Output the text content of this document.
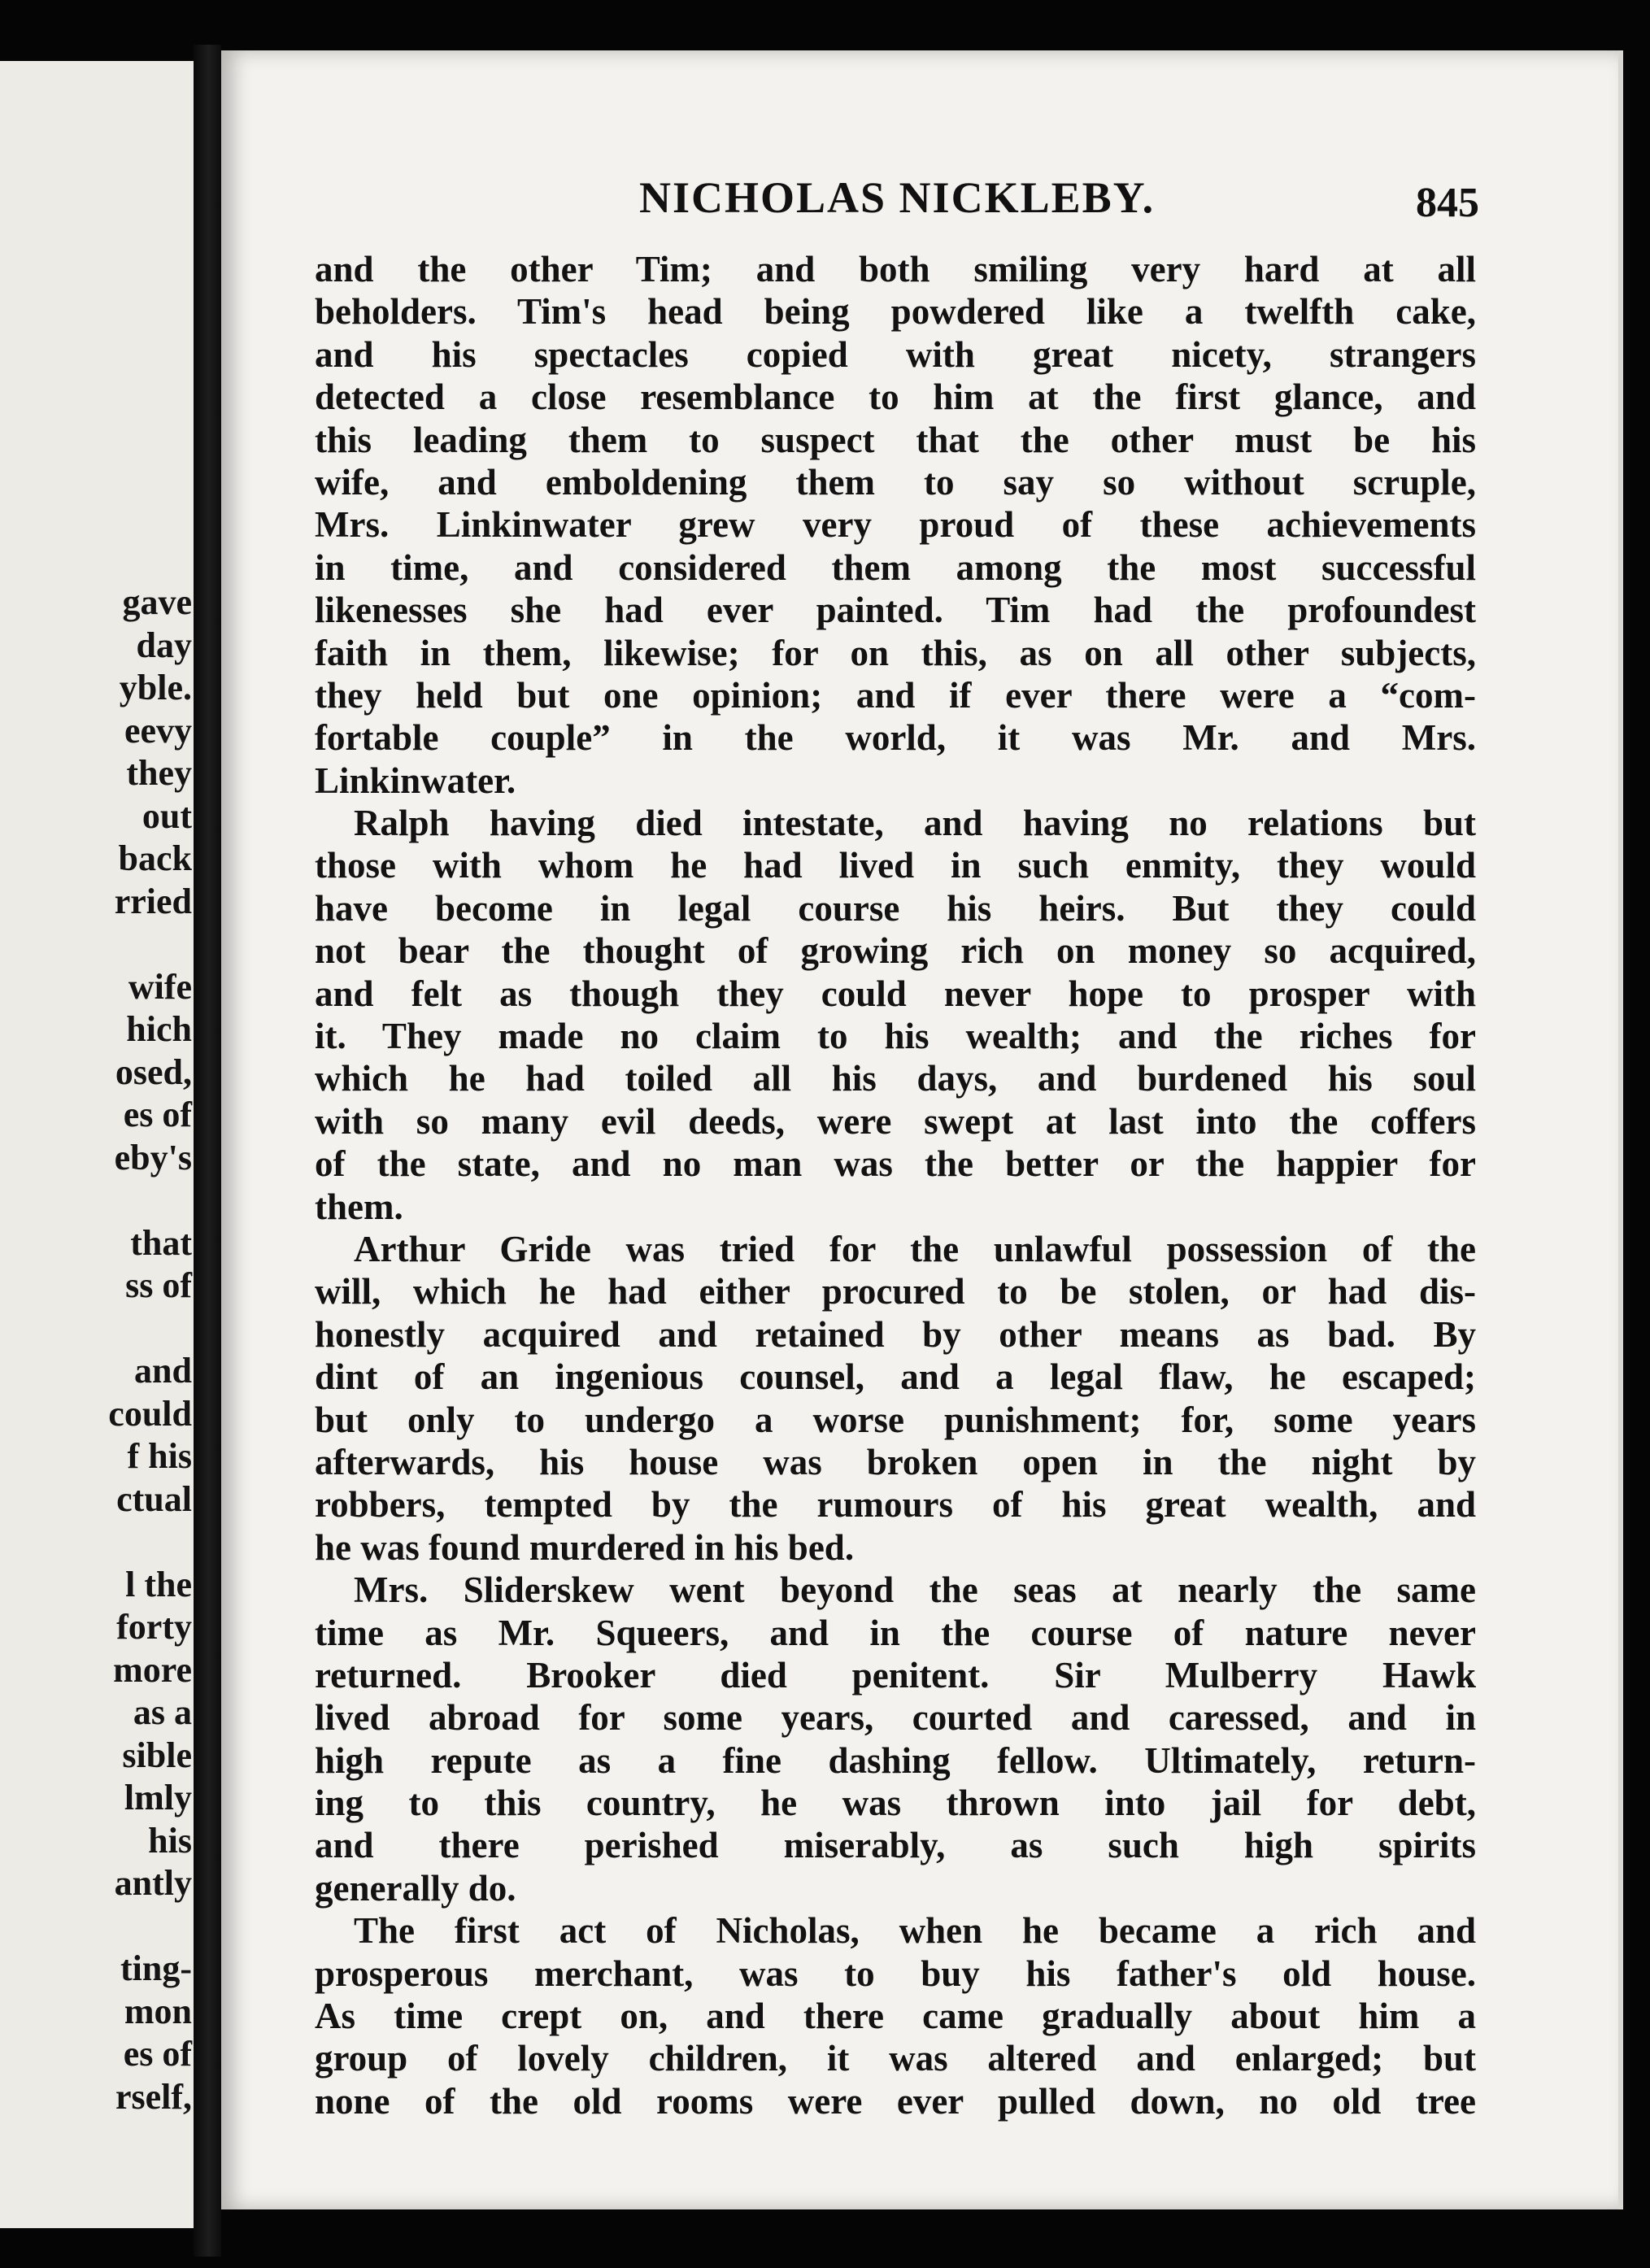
gave
day
yble.
eevy
they
out
back
rried
wife
hich
osed,
es of
eby's
that
ss of
and
could
f his
ctual
l the
forty
more
as a
sible
lmly
his
antly
ting-
mon
es of
rself,
NICHOLAS NICKLEBY.	845
and the other Tim; and both smiling very hard at all
beholders. Tim's head being powdered like a twelfth cake,
and his spectacles copied with great nicety, strangers
detected a close resemblance to him at the first glance, and
this leading them to suspect that the other must be his
wife, and emboldening them to say so without scruple,
Mrs. Linkinwater grew very proud of these achievements
in time, and considered them among the most successful
likenesses she had ever painted. Tim had the profoundest
faith in them, likewise; for on this, as on all other subjects,
they held but one opinion; and if ever there were a “com-
fortable couple” in the world, it was Mr. and Mrs.
Linkinwater.
Ralph having died intestate, and having no relations but
those with whom he had lived in such enmity, they would
have become in legal course his heirs. But they could
not bear the thought of growing rich on money so acquired,
and felt as though they could never hope to prosper with
it. They made no claim to his wealth; and the riches for
which he had toiled all his days, and burdened his soul
with so many evil deeds, were swept at last into the coffers
of the state, and no man was the better or the happier for
them.
Arthur Gride was tried for the unlawful possession of the
will, which he had either procured to be stolen, or had dis-
honestly acquired and retained by other means as bad. By
dint of an ingenious counsel, and a legal flaw, he escaped;
but only to undergo a worse punishment; for, some years
afterwards, his house was broken open in the night by
robbers, tempted by the rumours of his great wealth, and
he was found murdered in his bed.
Mrs. Sliderskew went beyond the seas at nearly the same
time as Mr. Squeers, and in the course of nature never
returned. Brooker died penitent. Sir Mulberry Hawk
lived abroad for some years, courted and caressed, and in
high repute as a fine dashing fellow. Ultimately, return-
ing to this country, he was thrown into jail for debt,
and there perished miserably, as such high spirits
generally do.
The first act of Nicholas, when he became a rich and
prosperous merchant, was to buy his father's old house.
As time crept on, and there came gradually about him a
group of lovely children, it was altered and enlarged; but
none of the old rooms were ever pulled down, no old tree
